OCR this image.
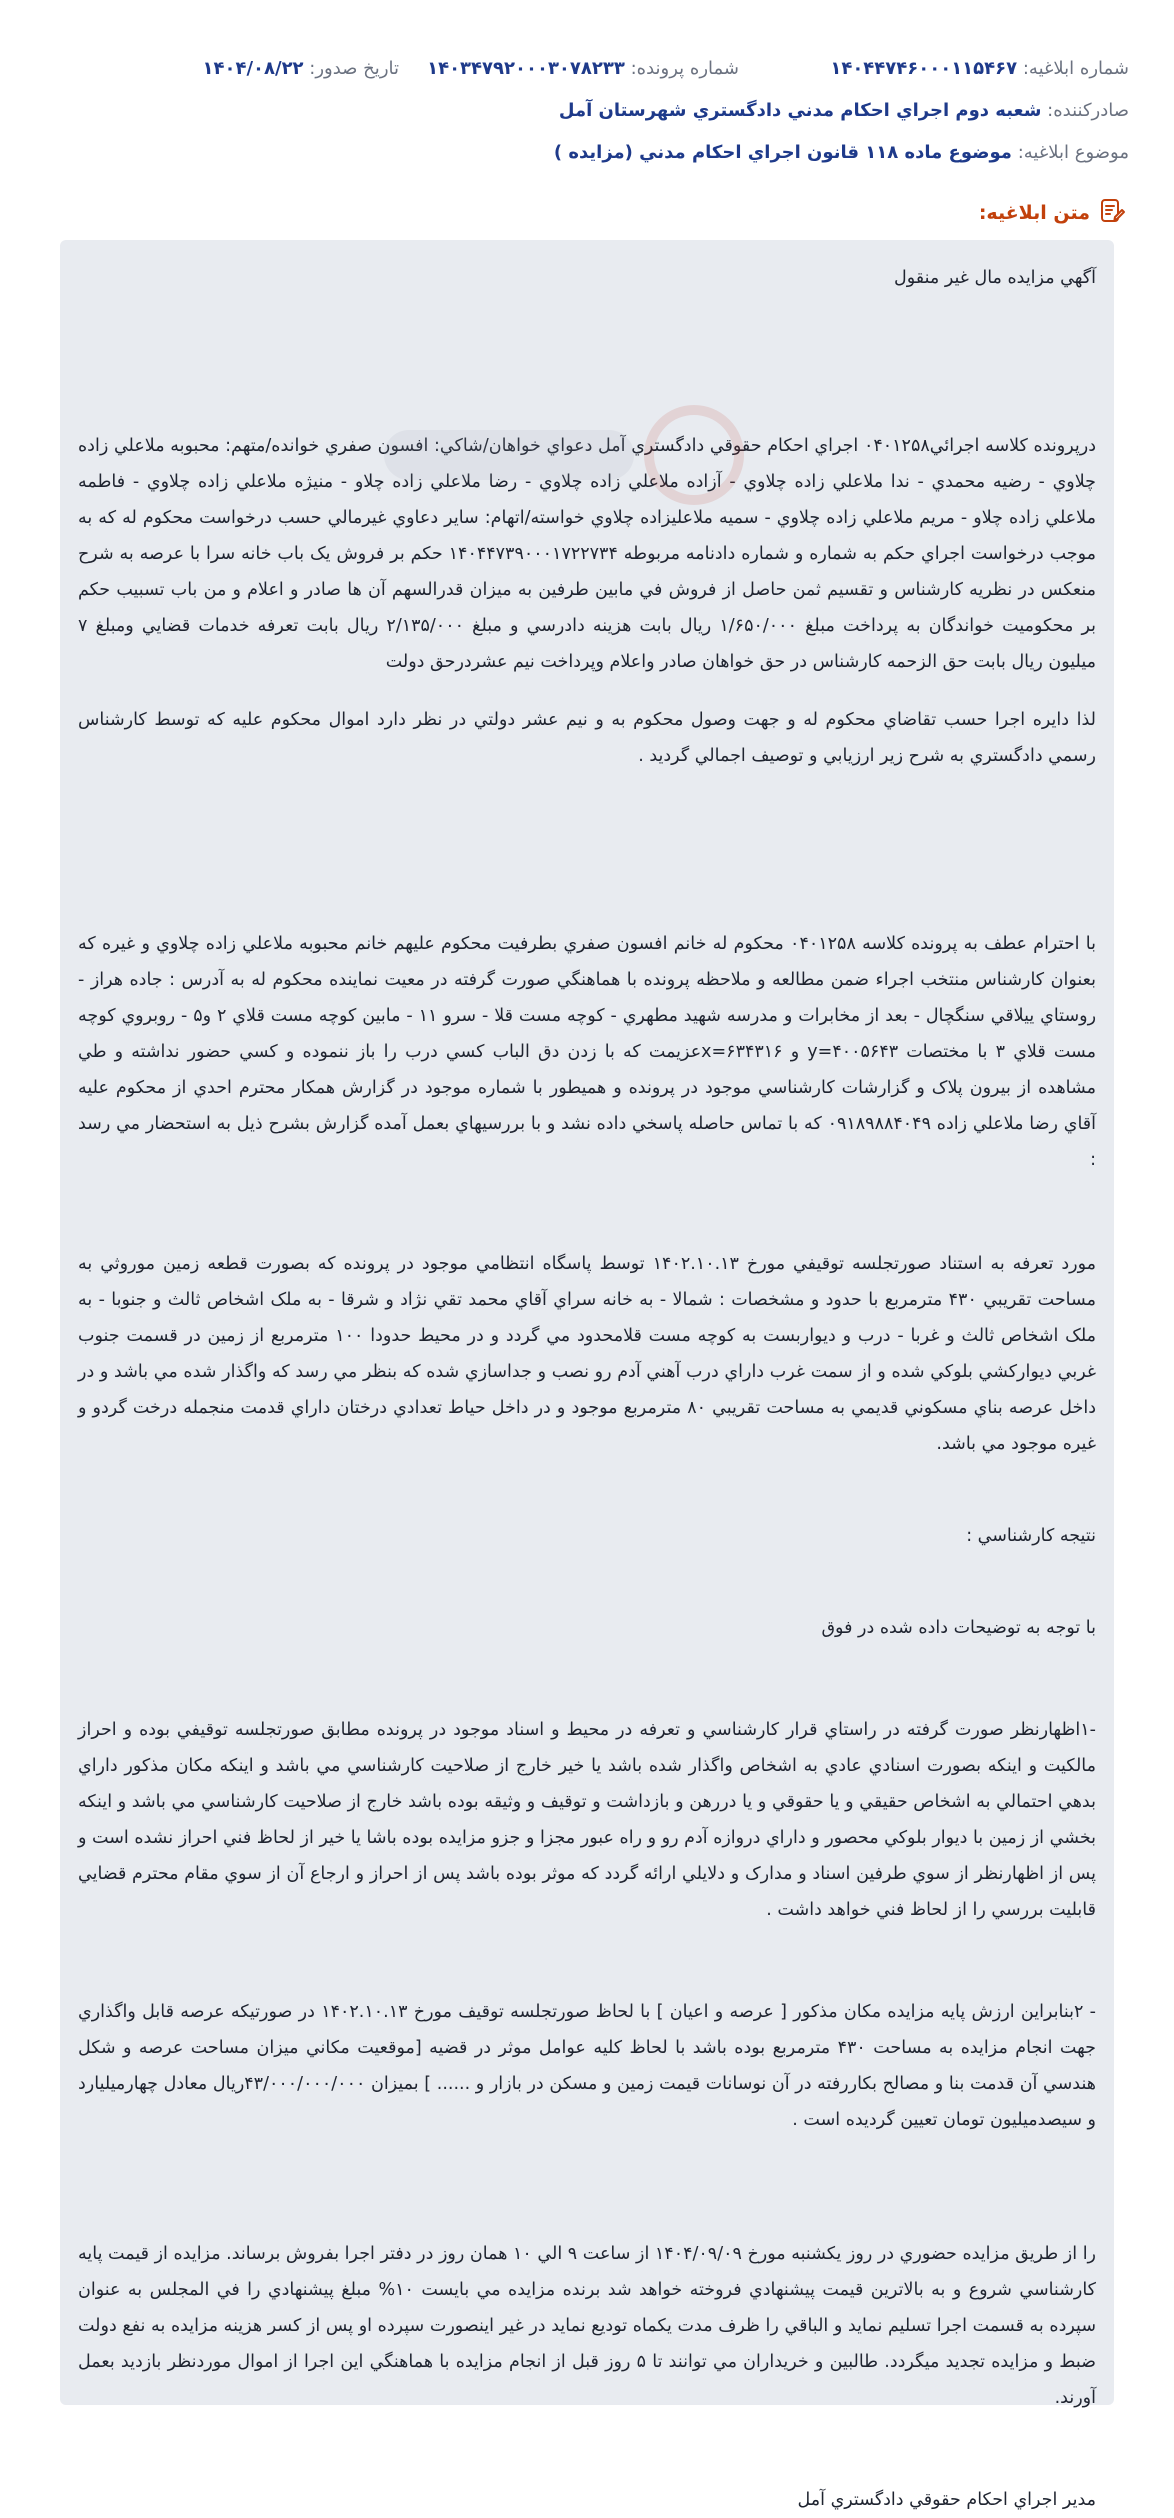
شماره ابلاغيه: ۱۴۰۴۴۷۴۶۰۰۰۱۱۵۴۶۷
شماره پرونده: ۱۴۰۳۴۷۹۲۰۰۰۳۰۷۸۲۳۳
تاريخ صدور: ۱۴۰۴/۰۸/۲۲
صادرکننده: شعبه دوم اجراي احكام مدني دادگستري شهرستان آمل
موضوع ابلاغيه: موضوع ماده ۱۱۸ قانون اجراي احكام مدني (مزايده )
متن ابلاغيه:

آگهي مزايده مال غير منقول

درپرونده كلاسه اجرائي۰۴۰۱۲۵۸ اجراي احكام حقوقي دادگستري آمل دعواي خواهان/شاكي: افسون صفري خوانده/متهم: محبوبه ملاعلي زاده چلاوي - رضيه محمدي - ندا ملاعلي زاده چلاوي - آزاده ملاعلي زاده چلاوي - رضا ملاعلي زاده چلاو - منيژه ملاعلي زاده چلاوي - فاطمه ملاعلي زاده چلاو - مريم ملاعلي زاده چلاوي - سميه ملاعليزاده چلاوي خواسته/اتهام: ساير دعاوي غيرمالي حسب درخواست محكوم له كه به موجب درخواست اجراي حكم به شماره و شماره دادنامه مربوطه ۱۴۰۴۴۷۳۹۰۰۰۱۷۲۲۷۳۴ حكم بر فروش يک باب خانه سرا با عرصه به شرح منعكس در نظريه كارشناس و تقسيم ثمن حاصل از فروش في مابين طرفين به ميزان قدرالسهم آن ها صادر و اعلام و من باب تسبيب حكم بر محكوميت خواندگان به پرداخت مبلغ ۱/۶۵۰/۰۰۰ ريال بابت هزينه دادرسي و مبلغ ۲/۱۳۵/۰۰۰ ريال بابت تعرفه خدمات قضايي ومبلغ ۷ ميليون ريال بابت حق الزحمه كارشناس در حق خواهان صادر واعلام وپرداخت نيم عشردرحق دولت

لذا دايره اجرا حسب تقاضاي محكوم له و جهت وصول محكوم به و نيم عشر دولتي در نظر دارد اموال محكوم عليه كه توسط كارشناس رسمي دادگستري به شرح زير ارزيابي و توصيف اجمالي گرديد .

با احترام عطف به پرونده كلاسه ۰۴۰۱۲۵۸ محكوم له خانم افسون صفري بطرفيت محكوم عليهم خانم محبوبه ملاعلي زاده چلاوي و غيره كه بعنوان كارشناس منتخب اجراء ضمن مطالعه و ملاحظه پرونده با هماهنگي صورت گرفته در معيت نماينده محكوم له به آدرس : جاده هراز - روستاي ييلاقي سنگچال - بعد از مخابرات و مدرسه شهيد مطهري - كوچه مست قلا - سرو ۱۱ - مابين كوچه مست قلاي ۲ و۵ - روبروي كوچه مست قلاي ۳ با مختصات ۴۰۰۵۶۴۳=y و x=۶۳۴۳۱۶عزيمت كه با زدن دق الباب كسي درب را باز ننموده و كسي حضور نداشته و طي مشاهده از بيرون پلاک و گزارشات كارشناسي موجود در پرونده و هميطور با شماره موجود در گزارش همكار محترم احدي از محكوم عليه آقاي رضا ملاعلي زاده ۰۹۱۸۹۸۸۴۰۴۹ كه با تماس حاصله پاسخي داده نشد و با بررسيهاي بعمل آمده گزارش بشرح ذيل به استحضار مي رسد :

مورد تعرفه به استناد صورتجلسه توقيفي مورخ ۱۴۰۲.۱۰.۱۳ توسط پاسگاه انتظامي موجود در پرونده كه بصورت قطعه زمين موروثي به مساحت تقريبي ۴۳۰ مترمربع با حدود و مشخصات : شمالا - به خانه سراي آقاي محمد تقي نژاد و شرقا - به ملک اشخاص ثالث و جنوبا - به ملک اشخاص ثالث و غربا - درب و ديواربست به كوچه مست قلامحدود مي گردد و در محيط حدودا ۱۰۰ مترمربع از زمين در قسمت جنوب غربي ديواركشي بلوكي شده و از سمت غرب داراي درب آهني آدم رو نصب و جداسازي شده كه بنظر مي رسد كه واگذار شده مي باشد و در داخل عرصه بناي مسكوني قديمي به مساحت تقريبي ۸۰ مترمربع موجود و در داخل حياط تعدادي درختان داراي قدمت منجمله درخت گردو و غيره موجود مي باشد.

نتيجه كارشناسي :

با توجه به توضيحات داده شده در فوق

-۱اظهارنظر صورت گرفته در راستاي قرار كارشناسي و تعرفه در محيط و اسناد موجود در پرونده مطابق صورتجلسه توقيفي بوده و احراز مالكيت و اينكه بصورت اسنادي عادي به اشخاص واگذار شده باشد يا خير خارج از صلاحيت كارشناسي مي باشد و اينكه مكان مذكور داراي بدهي احتمالي به اشخاص حقيقي و يا حقوقي و يا دررهن و بازداشت و توقيف و وثيقه بوده باشد خارج از صلاحيت كارشناسي مي باشد و اينكه بخشي از زمين با ديوار بلوكي محصور و داراي دروازه آدم رو و راه عبور مجزا و جزو مزايده بوده باشا يا خير از لحاظ فني احراز نشده است و پس از اظهارنظر از سوي طرفين اسناد و مدارک و دلايلي ارائه گردد كه موثر بوده باشد پس از احراز و ارجاع آن از سوي مقام محترم قضايي قابليت بررسي را از لحاظ فني خواهد داشت .

- ۲بنابراين ارزش پايه مزايده مكان مذكور [ عرصه و اعيان ] با لحاظ صورتجلسه توقيف مورخ ۱۴۰۲.۱۰.۱۳ در صورتيكه عرصه قابل واگذاري جهت انجام مزايده به مساحت ۴۳۰ مترمربع بوده باشد با لحاظ كليه عوامل موثر در قضيه [موقعيت مكاني ميزان مساحت عرصه و شكل هندسي آن قدمت بنا و مصالح بكاررفته در آن نوسانات قيمت زمين و مسكن در بازار و ...... ] بميزان ۴۳/۰۰۰/۰۰۰/۰۰۰ريال معادل چهارميليارد و سيصدميليون تومان تعيين گرديده است .

را از طريق مزايده حضوري در روز يكشنبه مورخ ۱۴۰۴/۰۹/۰۹ از ساعت ۹ الي ۱۰ همان روز در دفتر اجرا بفروش برساند. مزايده از قيمت پايه كارشناسي شروع و به بالاترين قيمت پيشنهادي فروخته خواهد شد برنده مزايده مي بايست ۱۰% مبلغ پيشنهادي را في المجلس به عنوان سپرده به قسمت اجرا تسليم نمايد و الباقي را ظرف مدت يكماه توديع نمايد در غير اينصورت سپرده او پس از كسر هزينه مزايده به نفع دولت ضبط و مزايده تجديد ميگردد. طالبين و خريداران مي توانند تا ۵ روز قبل از انجام مزايده با هماهنگي اين اجرا از اموال موردنظر بازديد بعمل آورند.

مدير اجراي احكام حقوقي دادگستري آمل
